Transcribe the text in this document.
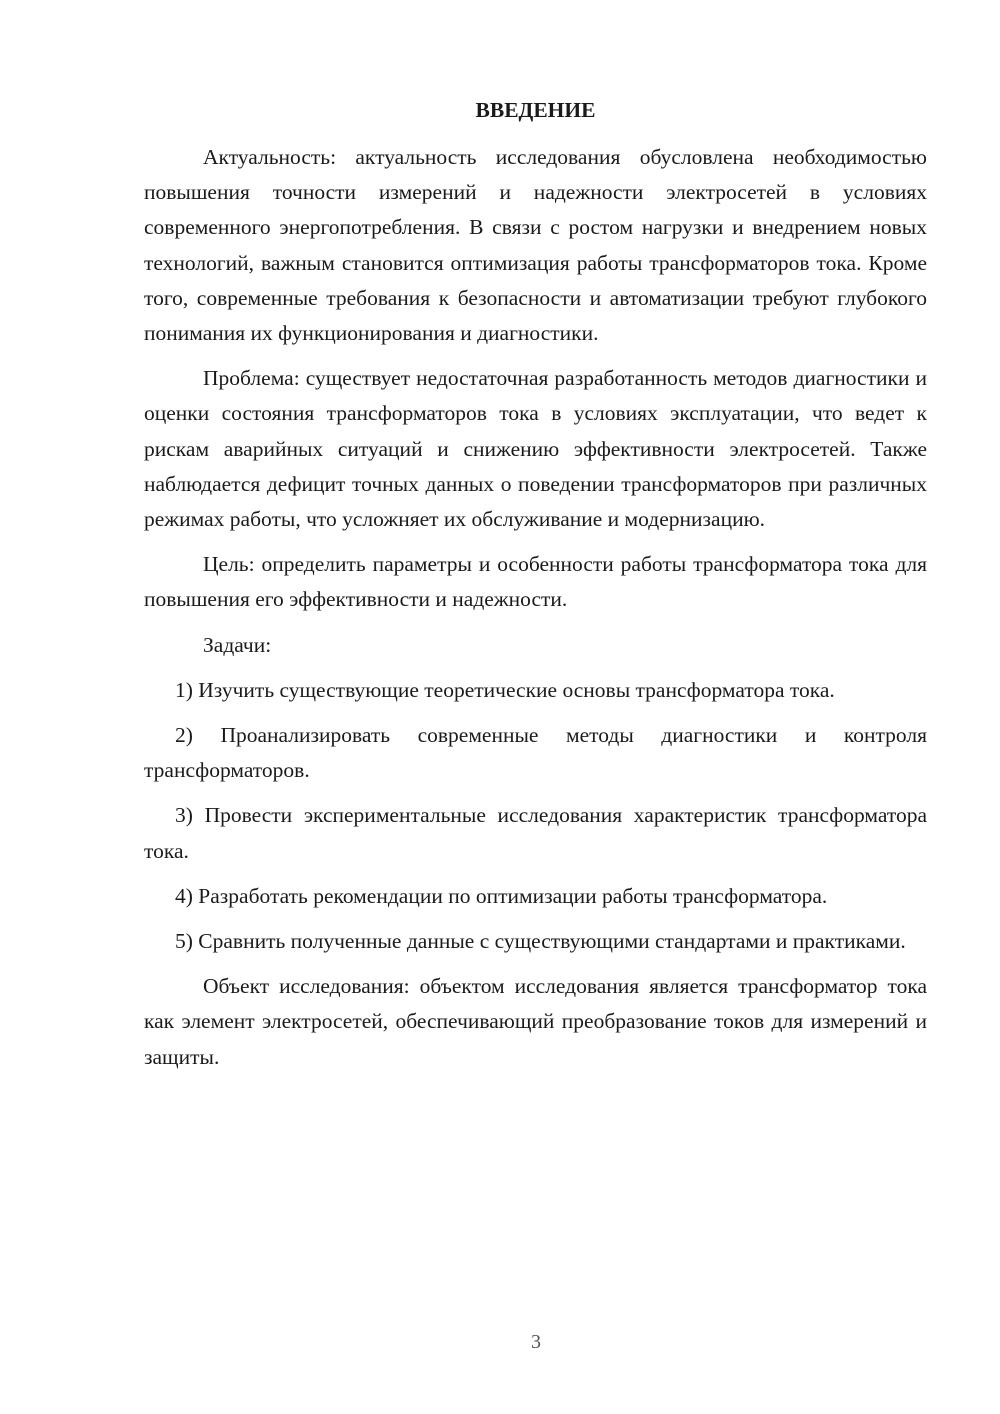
ВВЕДЕНИЕ

Актуальность: актуальность исследования обусловлена необходимостью повышения точности измерений и надежности электросетей в условиях современного энергопотребления. В связи с ростом нагрузки и внедрением новых технологий, важным становится оптимизация работы трансформаторов тока. Кроме того, современные требования к безопасности и автоматизации требуют глубокого понимания их функционирования и диагностики.

Проблема: существует недостаточная разработанность методов диагностики и оценки состояния трансформаторов тока в условиях эксплуатации, что ведет к рискам аварийных ситуаций и снижению эффективности электросетей. Также наблюдается дефицит точных данных о поведении трансформаторов при различных режимах работы, что усложняет их обслуживание и модернизацию.

Цель: определить параметры и особенности работы трансформатора тока для повышения его эффективности и надежности.

Задачи:

1) Изучить существующие теоретические основы трансформатора тока.

2) Проанализировать современные методы диагностики и контроля трансформаторов.

3) Провести экспериментальные исследования характеристик трансформатора тока.

4) Разработать рекомендации по оптимизации работы трансформатора.

5) Сравнить полученные данные с существующими стандартами и практиками.

Объект исследования: объектом исследования является трансформатор тока как элемент электросетей, обеспечивающий преобразование токов для измерений и защиты.

3
